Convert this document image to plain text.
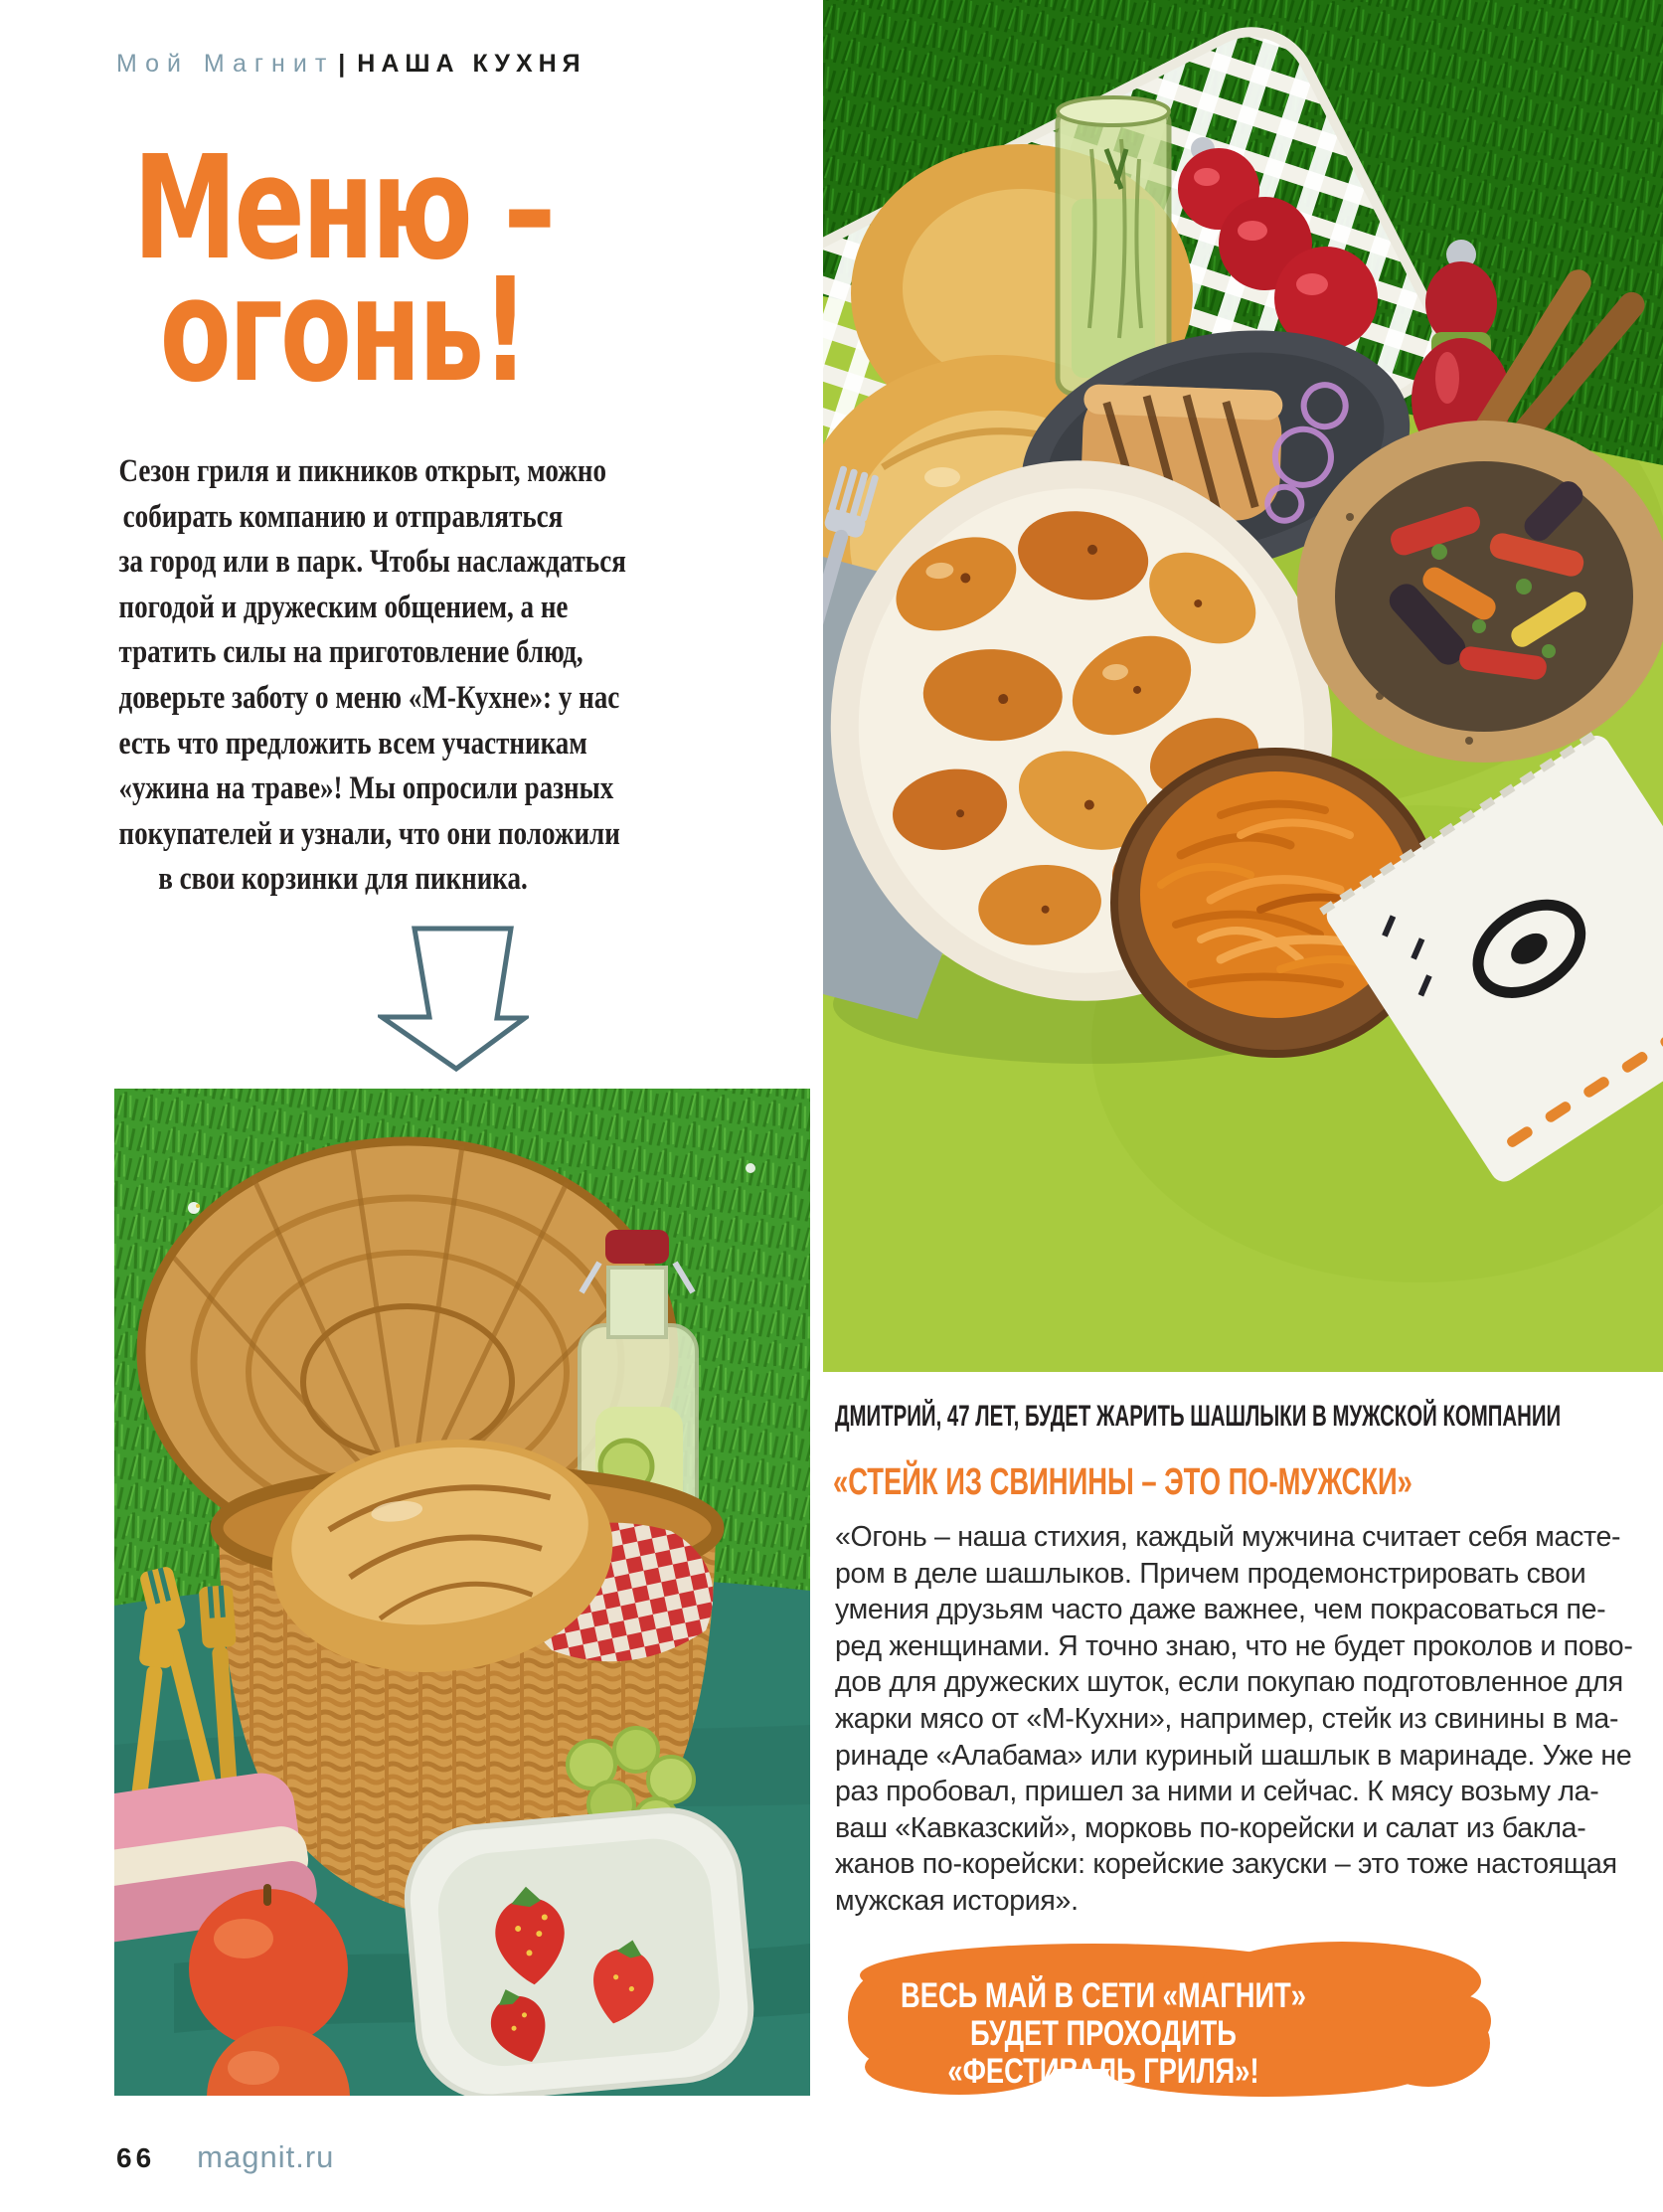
Мой Магнит | НАША КУХНЯ
Меню –
огонь!
Сезон гриля и пикников открыт, можно
собирать компанию и отправляться
за город или в парк. Чтобы наслаждаться
погодой и дружеским общением, а не
тратить силы на приготовление блюд,
доверьте заботу о меню «М-Кухне»: у нас
есть что предложить всем участникам
«ужина на траве»! Мы опросили разных
покупателей и узнали, что они положили
в свои корзинки для пикника.
ДМИТРИЙ, 47 ЛЕТ, БУДЕТ ЖАРИТЬ ШАШЛЫКИ В МУЖСКОЙ КОМПАНИИ
«СТЕЙК ИЗ СВИНИНЫ – ЭТО ПО-МУЖСКИ»
«Огонь – наша стихия, каждый мужчина считает себя масте-
ром в деле шашлыков. Причем продемонстрировать свои
умения друзьям часто даже важнее, чем покрасоваться пе-
ред женщинами. Я точно знаю, что не будет проколов и пово-
дов для дружеских шуток, если покупаю подготовленное для
жарки мясо от «М-Кухни», например, стейк из свинины в ма-
ринаде «Алабама» или куриный шашлык в маринаде. Уже не
раз пробовал, пришел за ними и сейчас. К мясу возьму ла-
ваш «Кавказский», морковь по-корейски и салат из бакла-
жанов по-корейски: корейские закуски – это тоже настоящая
мужская история».
ВЕСЬ МАЙ В СЕТИ «МАГНИТ»
БУДЕТ ПРОХОДИТЬ
«ФЕСТИВАЛЬ ГРИЛЯ»!
66 magnit.ru
